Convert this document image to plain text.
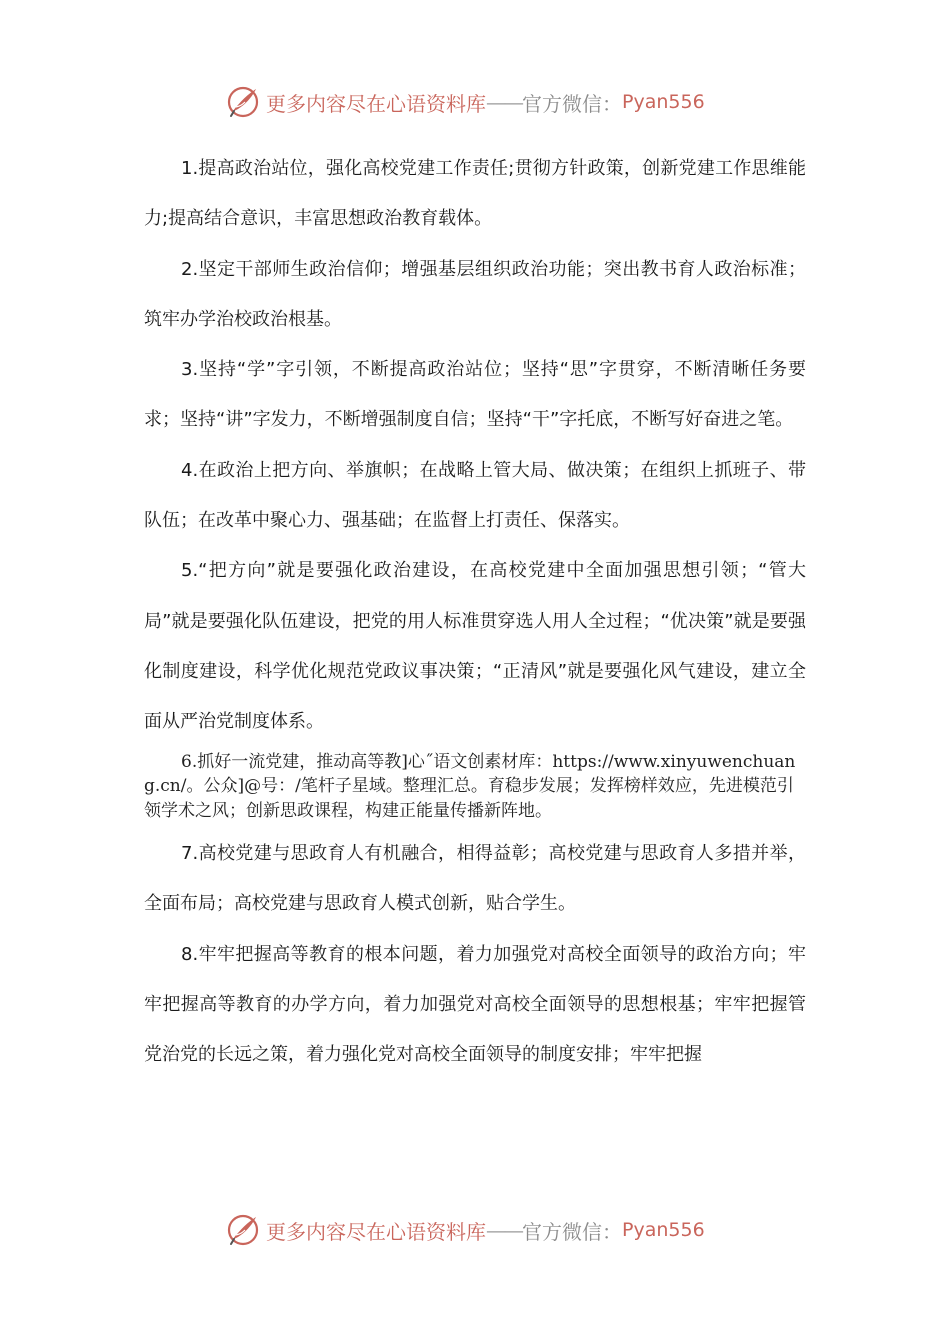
更多内容尽在心语资料库 —— 官方微信： Pyan556

1.提高政治站位，强化高校党建工作责任;贯彻方针政策，创新党建工作思维能力;提高结合意识，丰富思想政治教育载体。

2.坚定干部师生政治信仰；增强基层组织政治功能；突出教书育人政治标准；筑牢办学治校政治根基。

3.坚持“学”字引领，不断提高政治站位；坚持“思”字贯穿，不断清晰任务要求；坚持“讲”字发力，不断增强制度自信；坚持“干”字托底，不断写好奋进之笔。

4.在政治上把方向、举旗帜；在战略上管大局、做决策；在组织上抓班子、带队伍；在改革中聚心力、强基础；在监督上打责任、保落实。

5.“把方向”就是要强化政治建设，在高校党建中全面加强思想引领；“管大局”就是要强化队伍建设，把党的用人标准贯穿选人用人全过程；“优决策”就是要强化制度建设，科学优化规范党政议事决策；“正清风”就是要强化风气建设，建立全面从严治党制度体系。

6.抓好一流党建，推动高等教]心˝语文创素材库：https://www.xinyuwenchuang.cn/。公众]@号：/笔杆子星域。整理汇总。育稳步发展；发挥榜样效应，先进模范引领学术之风；创新思政课程，构建正能量传播新阵地。

7.高校党建与思政育人有机融合，相得益彰；高校党建与思政育人多措并举，全面布局；高校党建与思政育人模式创新，贴合学生。

8.牢牢把握高等教育的根本问题，着力加强党对高校全面领导的政治方向；牢牢把握高等教育的办学方向，着力加强党对高校全面领导的思想根基；牢牢把握管党治党的长远之策，着力强化党对高校全面领导的制度安排；牢牢把握

更多内容尽在心语资料库 —— 官方微信： Pyan556
